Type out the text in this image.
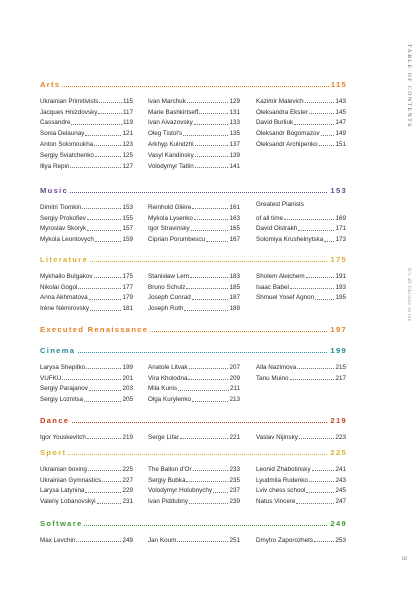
TABLE OF CONTENTS
It's all Ukraine to me
iii
Arts	115
Ukrainian Primitivists	115
Jacques Hnizdovsky	117
Cassandre	119
Sonia Delaunay	121
Anton Solomoukha	123
Sergiy Sviatchenko	125
Illya Repin	127
Ivan Marchuk	129
Marie Bashkirtseff	131
Ivan Aivazovsky	133
Oleg Tistol's	135
Arkhyp Kuindzhi	137
Vasyl Kandinsky	139
Volodymyr Tatlin	141
Kazimir Malevich	143
Oleksandra Ekster	145
David Burliuk	147
Oleksandr Bogomazov	149
Oleksandr Archipenko	151
Music	153
Dimitri Tiomkin	153
Sergiy Prokofiev	155
Myroslav Skoryk	157
Mykola Leontovych	159
Reinhold Glière	161
Mykola Lysenko	163
Igor Stravinsky	165
Ciprian Porumbescu	167
Greatest Pianists
of all time	169
David Oistrakh	171
Solomiya Krushelnytska 173
Literature	175
Mykhailo Bulgakov	175
Nikolai Gogol	177
Anna Akhmatova	179
Irène Némirovsky	181
Stanisław Lem	183
Bruno Schulz	185
Joseph Conrad	187
Joseph Roth	189
Sholem Aleichem	191
Isaac Babel	193
Shmuel Yosef Agnon	195
Executed Renaissance	197
Cinema	199
Larysa Shepitko	199
VUFKU	201
Sergiy Parajanov	203
Sergiy Loznitsa	205
Anatole Litvak	207
Vira Kholodna	209
Mila Kunis	211
Olga Kurylenko	213
Alla Nazimova	215
Tanu Muino	217
Dance	219
Igor Youskevitch	219 Serge Lifar	221	Vaslav Nijinsky	223
Sport	225
Ukrainian boxing	225
Ukrainian Gymnastics	227
Larysa Latynina	229
Valeriy Lobanovskyi	231
The Ballon d'Or	233
Sergiy Bubka	235
Volodymyr Holubnychy	237
Ivan Piddubny	239
Leonid Zhabotinsky	241
Lyudmila Rudenko	243
Lviv chess school	245
Natus Vincere	247
Software	249
Max Levchin	249 Jan Koum	251	Dmytro Zaporozhets	253
